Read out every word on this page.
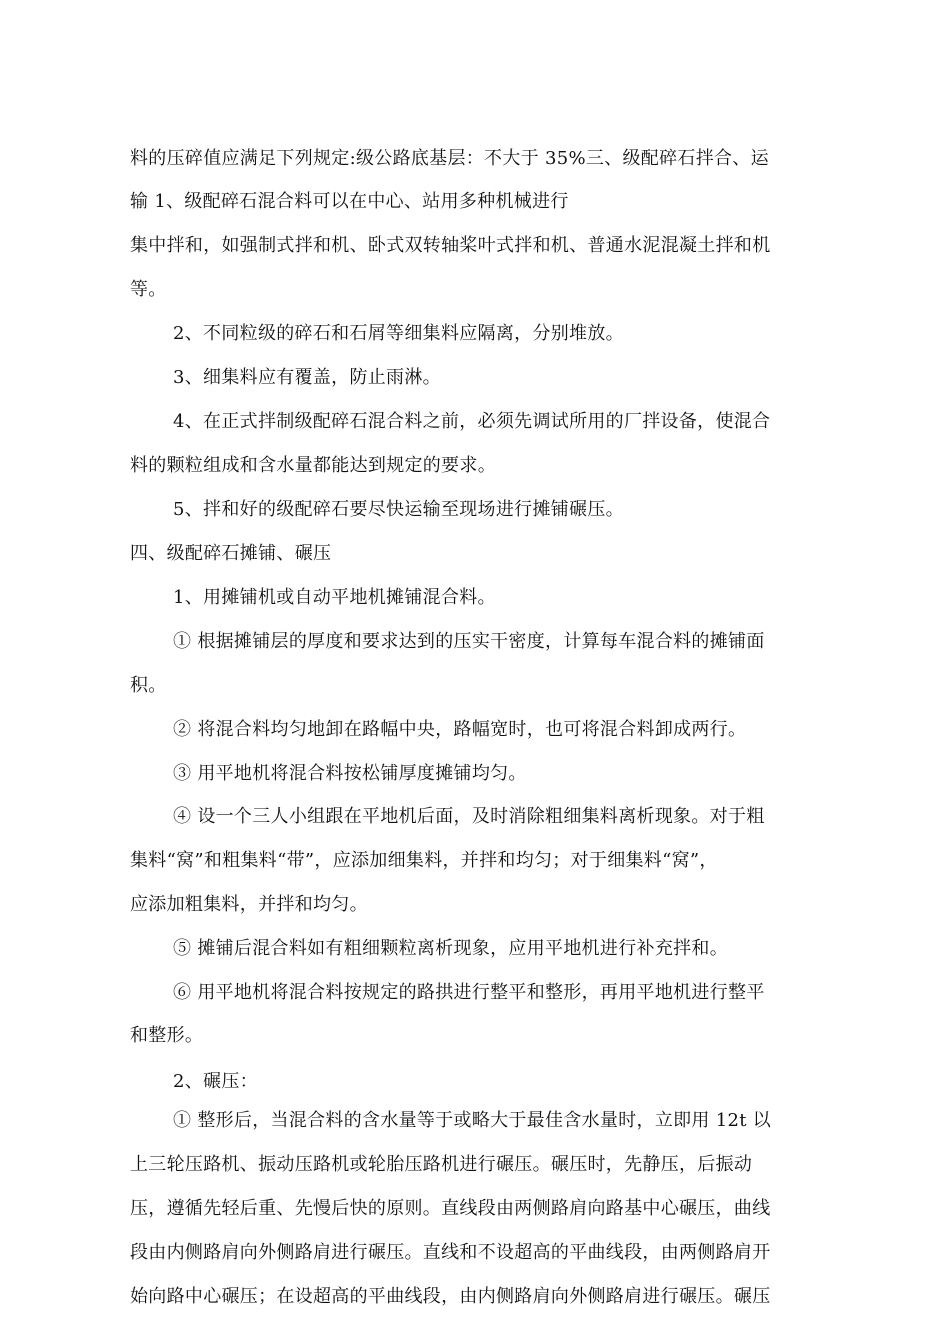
料的压碎值应满足下列规定:级公路底基层：不大于 35%三、级配碎石拌合、运
输 1、级配碎石混合料可以在中心、站用多种机械进行
集中拌和，如强制式拌和机、卧式双转轴桨叶式拌和机、普通水泥混凝土拌和机
等。
2、不同粒级的碎石和石屑等细集料应隔离，分别堆放。
3、细集料应有覆盖，防止雨淋。
4、在正式拌制级配碎石混合料之前，必须先调试所用的厂拌设备，使混合
料的颗粒组成和含水量都能达到规定的要求。
5、拌和好的级配碎石要尽快运输至现场进行摊铺碾压。
四、级配碎石摊铺、碾压
1、用摊铺机或自动平地机摊铺混合料。
① 根据摊铺层的厚度和要求达到的压实干密度，计算每车混合料的摊铺面
积。
② 将混合料均匀地卸在路幅中央，路幅宽时，也可将混合料卸成两行。
③ 用平地机将混合料按松铺厚度摊铺均匀。
④ 设一个三人小组跟在平地机后面，及时消除粗细集料离析现象。对于粗
集料“窝”和粗集料“带”，应添加细集料，并拌和均匀；对于细集料“窝”，
应添加粗集料，并拌和均匀。
⑤ 摊铺后混合料如有粗细颗粒离析现象，应用平地机进行补充拌和。
⑥ 用平地机将混合料按规定的路拱进行整平和整形，再用平地机进行整平
和整形。
2、碾压：
① 整形后，当混合料的含水量等于或略大于最佳含水量时，立即用 12t 以
上三轮压路机、振动压路机或轮胎压路机进行碾压。碾压时，先静压，后振动
压，遵循先轻后重、先慢后快的原则。直线段由两侧路肩向路基中心碾压，曲线
段由内侧路肩向外侧路肩进行碾压。直线和不设超高的平曲线段，由两侧路肩开
始向路中心碾压；在设超高的平曲线段，由内侧路肩向外侧路肩进行碾压。碾压
